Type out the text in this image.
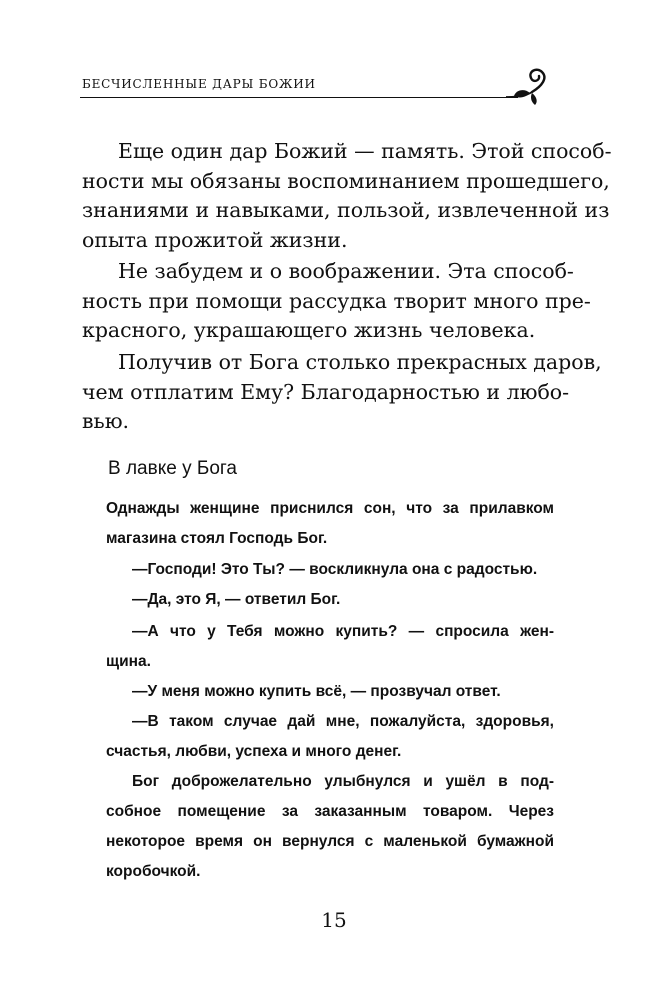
БЕСЧИСЛЕННЫЕ ДАРЫ БОЖИИ
Еще один дар Божий — память. Этой способ-
ности мы обязаны воспоминанием прошедшего,
знаниями и навыками, пользой, извлеченной из
опыта прожитой жизни.
Не забудем и о воображении. Эта способ-
ность при помощи рассудка творит много пре-
красного, украшающего жизнь человека.
Получив от Бога столько прекрасных даров,
чем отплатим Ему? Благодарностью и любо-
вью.
В лавке у Бога
Однажды женщине приснился сон, что за прилавком
магазина стоял Господь Бог.
—Господи! Это Ты? — воскликнула она с радостью.
—Да, это Я, — ответил Бог.
—А что у Тебя можно купить? — спросила жен-
щина.
—У меня можно купить всё, — прозвучал ответ.
—В таком случае дай мне, пожалуйста, здоровья,
счастья, любви, успеха и много денег.
Бог доброжелательно улыбнулся и ушёл в под-
собное помещение за заказанным товаром. Через
некоторое время он вернулся с маленькой бумажной
коробочкой.
15
